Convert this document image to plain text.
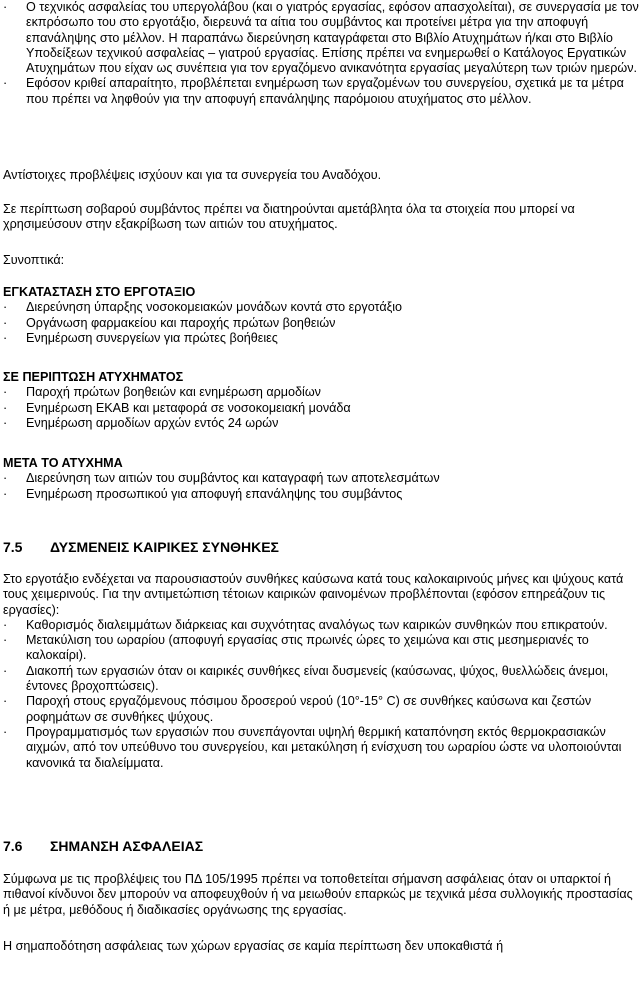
· Ο τεχνικός ασφαλείας του υπεργολάβου (και ο γιατρός εργασίας, εφόσον απασχολείται), σε συνεργασία με τον εκπρόσωπο του στο εργοτάξιο, διερευνά τα αίτια του συμβάντος και προτείνει μέτρα για την αποφυγή επανάληψης στο μέλλον. Η παραπάνω διερεύνηση καταγράφεται στο Βιβλίο Ατυχημάτων ή/και στο Βιβλίο Υποδείξεων τεχνικού ασφαλείας – γιατρού εργασίας. Επίσης πρέπει να ενημερωθεί ο Κατάλογος Εργατικών Ατυχημάτων που είχαν ως συνέπεια για τον εργαζόμενο ανικανότητα εργασίας μεγαλύτερη των τριών ημερών.
· Εφόσον κριθεί απαραίτητο, προβλέπεται ενημέρωση των εργαζομένων του συνεργείου, σχετικά με τα μέτρα που πρέπει να ληφθούν για την αποφυγή επανάληψης παρόμοιου ατυχήματος στο μέλλον.

Αντίστοιχες προβλέψεις ισχύουν και για τα συνεργεία του Αναδόχου.

Σε περίπτωση σοβαρού συμβάντος πρέπει να διατηρούνται αμετάβλητα όλα τα στοιχεία που μπορεί να χρησιμεύσουν στην εξακρίβωση των αιτιών του ατυχήματος.

Συνοπτικά:

ΕΓΚΑΤΑΣΤΑΣΗ ΣΤΟ ΕΡΓΟΤΑΞΙΟ
· Διερεύνηση ύπαρξης νοσοκομειακών μονάδων κοντά στο εργοτάξιο
· Οργάνωση φαρμακείου και παροχής πρώτων βοηθειών
· Ενημέρωση συνεργείων για πρώτες βοήθειες
ΣΕ ΠΕΡΙΠΤΩΣΗ ΑΤΥΧΗΜΑΤΟΣ
· Παροχή πρώτων βοηθειών και ενημέρωση αρμοδίων
· Ενημέρωση ΕΚΑΒ και μεταφορά σε νοσοκομειακή μονάδα
· Ενημέρωση αρμοδίων αρχών εντός 24 ωρών
ΜΕΤΑ ΤΟ ΑΤΥΧΗΜΑ
· Διερεύνηση των αιτιών του συμβάντος και καταγραφή των αποτελεσμάτων
· Ενημέρωση προσωπικού για αποφυγή επανάληψης του συμβάντος
7.5 ΔΥΣΜΕΝΕΙΣ ΚΑΙΡΙΚΕΣ ΣΥΝΘΗΚΕΣ

Στο εργοτάξιο ενδέχεται να παρουσιαστούν συνθήκες καύσωνα κατά τους καλοκαιρινούς μήνες και ψύχους κατά τους χειμερινούς. Για την αντιμετώπιση τέτοιων καιρικών φαινομένων προβλέπονται (εφόσον επηρεάζουν τις εργασίες):

· Καθορισμός διαλειμμάτων διάρκειας και συχνότητας αναλόγως των καιρικών συνθηκών που επικρατούν.
· Μετακύλιση του ωραρίου (αποφυγή εργασίας στις πρωινές ώρες το χειμώνα και στις μεσημεριανές το καλοκαίρι).
· Διακοπή των εργασιών όταν οι καιρικές συνθήκες είναι δυσμενείς (καύσωνας, ψύχος, θυελλώδεις άνεμοι, έντονες βροχοπτώσεις).
· Παροχή στους εργαζόμενους πόσιμου δροσερού νερού (10°-15° C) σε συνθήκες καύσωνα και ζεστών ροφημάτων σε συνθήκες ψύχους.
· Προγραμματισμός των εργασιών που συνεπάγονται υψηλή θερμική καταπόνηση εκτός θερμοκρασιακών αιχμών, από τον υπεύθυνο του συνεργείου, και μετακύληση ή ενίσχυση του ωραρίου ώστε να υλοποιούνται κανονικά τα διαλείμματα.
7.6 ΣΗΜΑΝΣΗ ΑΣΦΑΛΕΙΑΣ

Σύμφωνα με τις προβλέψεις του ΠΔ 105/1995 πρέπει να τοποθετείται σήμανση ασφάλειας όταν οι υπαρκτοί ή πιθανοί κίνδυνοι δεν μπορούν να αποφευχθούν ή να μειωθούν επαρκώς με τεχνικά μέσα συλλογικής προστασίας ή με μέτρα, μεθόδους ή διαδικασίες οργάνωσης της εργασίας.

Η σημαποδότηση ασφάλειας των χώρων εργασίας σε καμία περίπτωση δεν υποκαθιστά ή
